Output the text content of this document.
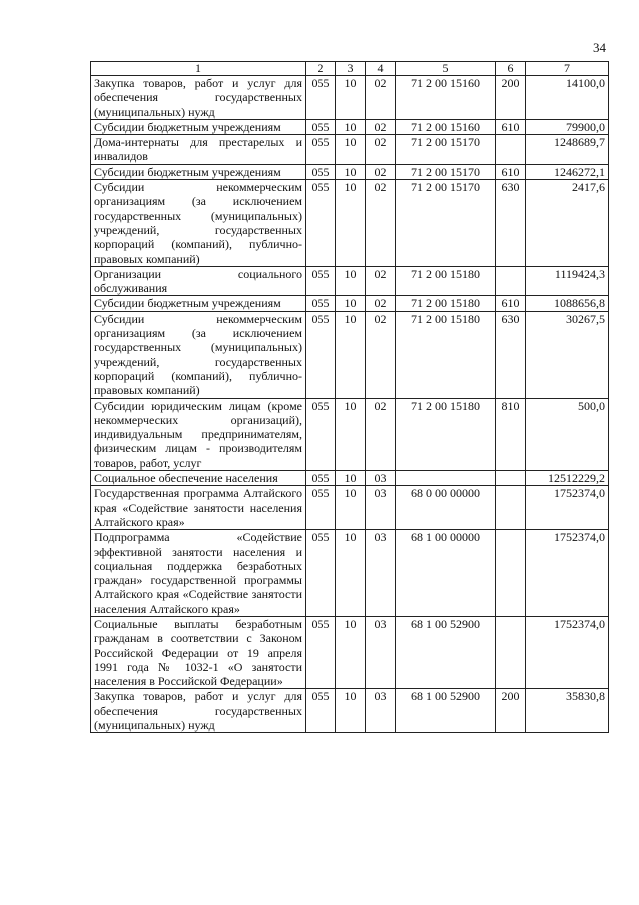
34
1	2	3	4	5	6	7
Закупка товаров, работ и услуг для обеспечения государственных (муниципальных) нужд	055	10	02	71 2 00 15160	200	14100,0
Субсидии бюджетным учреждениям	055	10	02	71 2 00 15160	610	79900,0
Дома-интернаты для престарелых и инвалидов	055	10	02	71 2 00 15170		1248689,7
Субсидии бюджетным учреждениям	055	10	02	71 2 00 15170	610	1246272,1
Субсидии некоммерческим организациям (за исключением государственных (муниципальных) учреждений, государственных корпораций (компаний), публично-правовых компаний)	055	10	02	71 2 00 15170	630	2417,6
Организации социального обслуживания	055	10	02	71 2 00 15180		1119424,3
Субсидии бюджетным учреждениям	055	10	02	71 2 00 15180	610	1088656,8
Субсидии некоммерческим организациям (за исключением государственных (муниципальных) учреждений, государственных корпораций (компаний), публично-правовых компаний)	055	10	02	71 2 00 15180	630	30267,5
Субсидии юридическим лицам (кроме некоммерческих организаций), индивидуальным предпринимателям, физическим лицам - производителям товаров, работ, услуг	055	10	02	71 2 00 15180	810	500,0
Социальное обеспечение населения	055	10	03			12512229,2
Государственная программа Алтайского края «Содействие занятости населения Алтайского края»	055	10	03	68 0 00 00000		1752374,0
Подпрограмма «Содействие эффективной занятости населения и социальная поддержка безработных граждан» государственной программы Алтайского края «Содействие занятости населения Алтайского края»	055	10	03	68 1 00 00000		1752374,0
Социальные выплаты безработным гражданам в соответствии с Законом Российской Федерации от 19 апреля 1991 года № 1032-1 «О занятости населения в Российской Федерации»	055	10	03	68 1 00 52900		1752374,0
Закупка товаров, работ и услуг для обеспечения государственных (муниципальных) нужд	055	10	03	68 1 00 52900	200	35830,8
